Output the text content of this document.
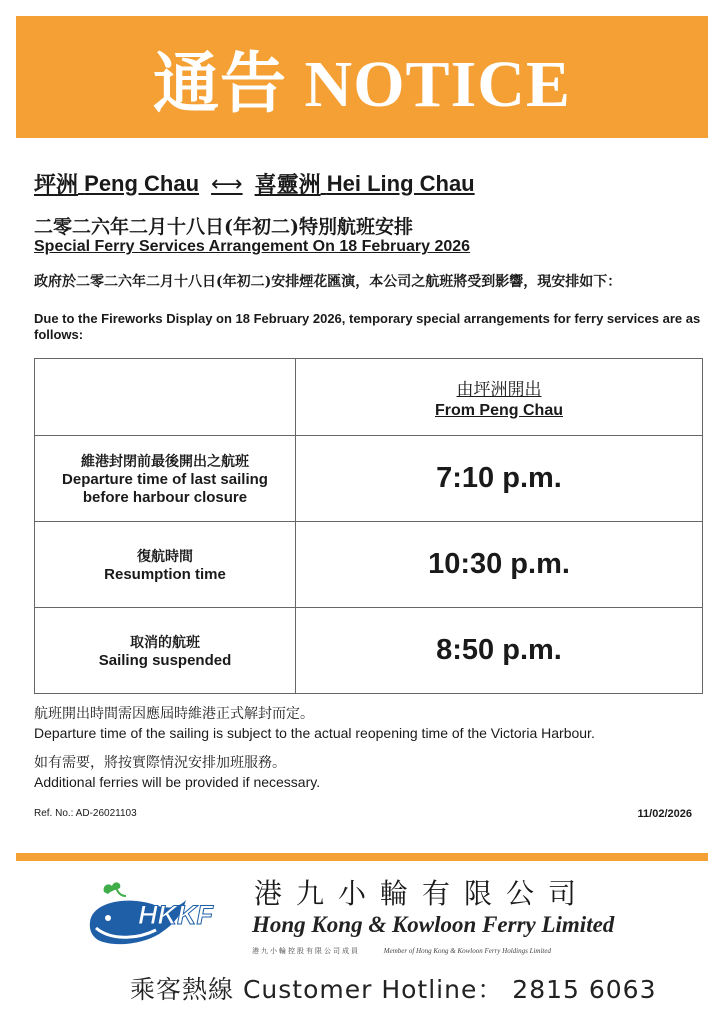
通告 NOTICE
坪洲
Peng Chau ⟷ 喜靈洲
Hei Ling Chau
二零二六年二月十八日(年初二)特別航班安排
Special Ferry Services Arrangement On 18 February 2026
政府於二零二六年二月十八日(年初二)安排煙花匯演，本公司之航班將受到影響，現安排如下：
Due to the Fireworks Display on 18 February 2026, temporary special arrangements for ferry services are as follows:

	由坪洲開出
From Peng Chau

維港封閉前最後開出之航班
Departure time of last sailing
before harbour closure	7:10 p.m.

復航時間
Resumption time	10:30 p.m.

取消的航班
Sailing suspended	8:50 p.m.
航班開出時間需因應屆時維港正式解封而定。
Departure time of the sailing is subject to the actual reopening time of the Victoria Harbour.
如有需要，將按實際情況安排加班服務。
Additional ferries will be provided if necessary.
Ref. No.: AD-26021103	11/02/2026
HKKF
港九小輪有限公司
Hong Kong & Kowloon Ferry Limited
港九小輪控股有限公司成員	Member of Hong Kong & Kowloon Ferry Holdings Limited
乘客熱線 Customer Hotline： 2815 6063
